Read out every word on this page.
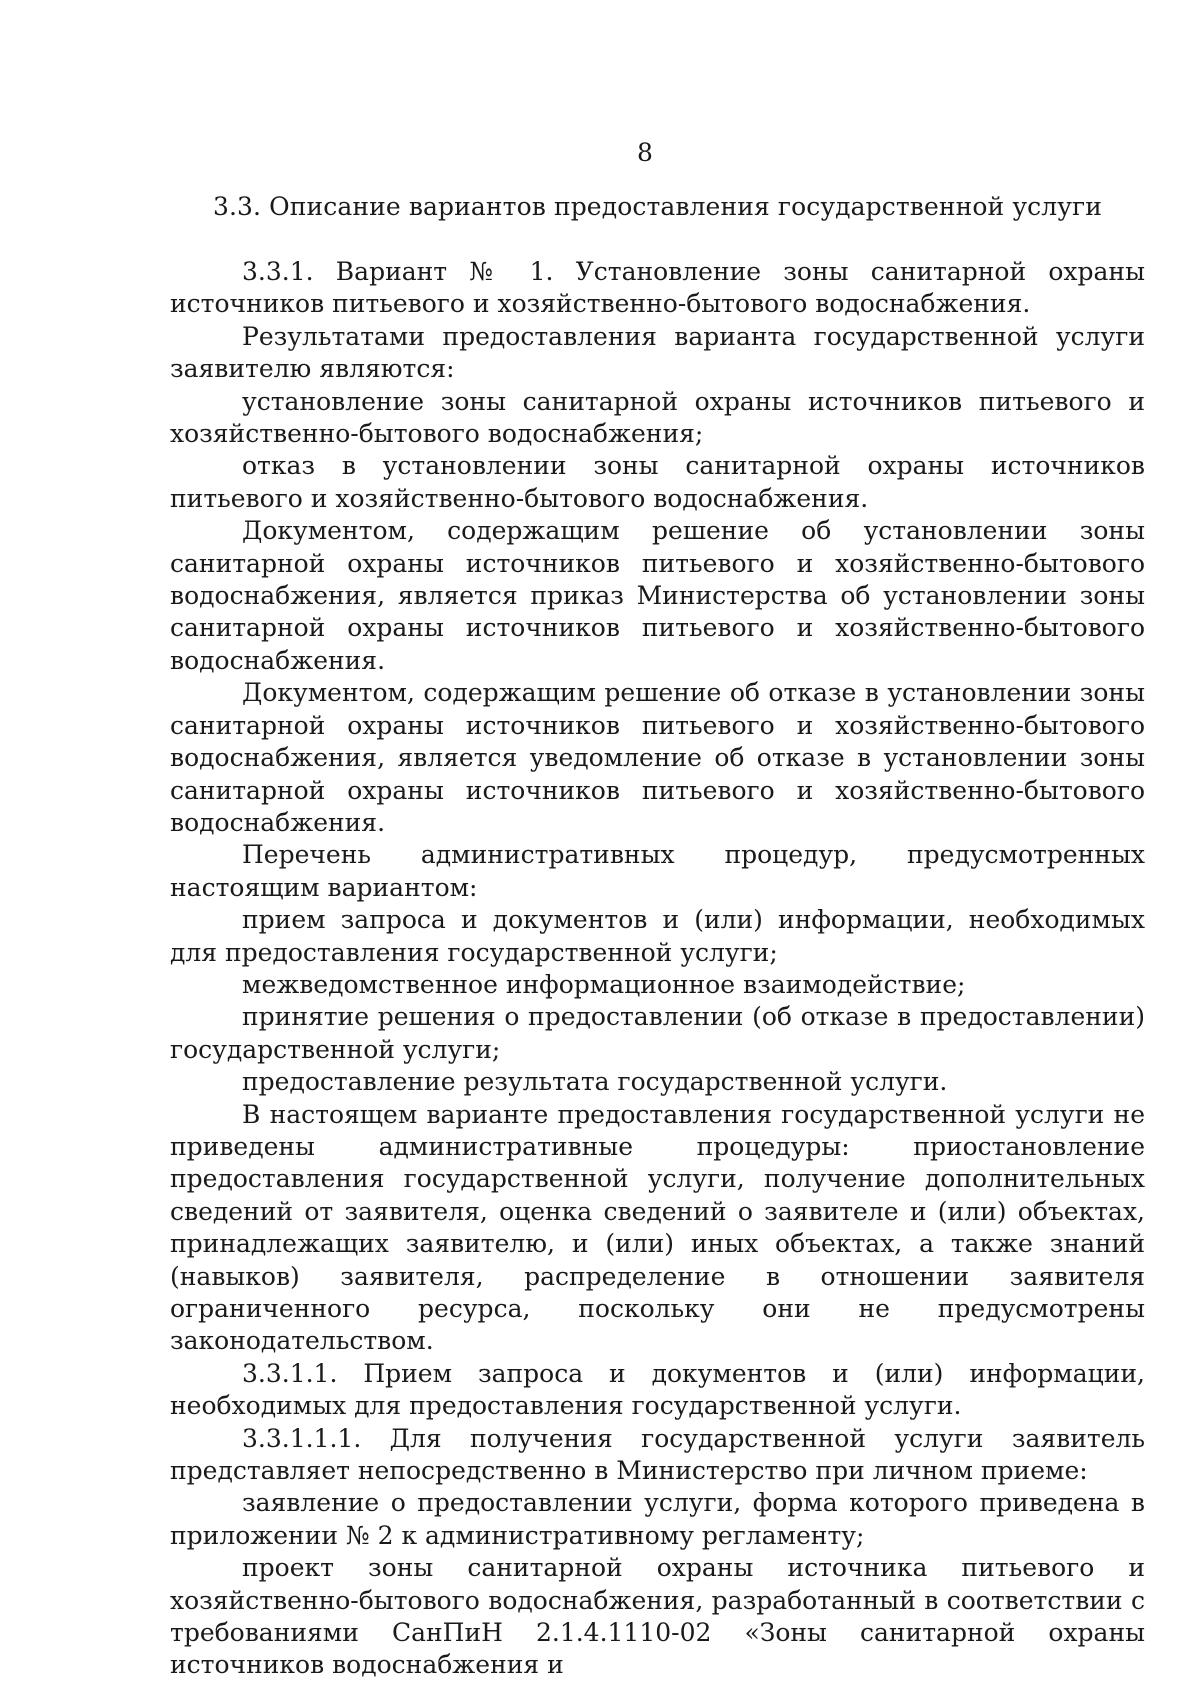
8
3.3. Описание вариантов предоставления государственной услуги

3.3.1. Вариант № 1. Установление зоны санитарной охраны источников питьевого и хозяйственно-бытового водоснабжения.

Результатами предоставления варианта государственной услуги заявителю являются:

установление зоны санитарной охраны источников питьевого и хозяйственно-бытового водоснабжения;

отказ в установлении зоны санитарной охраны источников питьевого и хозяйственно-бытового водоснабжения.

Документом, содержащим решение об установлении зоны санитарной охраны источников питьевого и хозяйственно-бытового водоснабжения, является приказ Министерства об установлении зоны санитарной охраны источников питьевого и хозяйственно-бытового водоснабжения.

Документом, содержащим решение об отказе в установлении зоны санитарной охраны источников питьевого и хозяйственно-бытового водоснабжения, является уведомление об отказе в установлении зоны санитарной охраны источников питьевого и хозяйственно-бытового водоснабжения.

Перечень административных процедур, предусмотренных настоящим вариантом:

прием запроса и документов и (или) информации, необходимых для предоставления государственной услуги;

межведомственное информационное взаимодействие;

принятие решения о предоставлении (об отказе в предоставлении) государственной услуги;

предоставление результата государственной услуги.

В настоящем варианте предоставления государственной услуги не приведены административные процедуры: приостановление предоставления государственной услуги, получение дополнительных сведений от заявителя, оценка сведений о заявителе и (или) объектах, принадлежащих заявителю, и (или) иных объектах, а также знаний (навыков) заявителя, распределение в отношении заявителя ограниченного ресурса, поскольку они не предусмотрены законодательством.

3.3.1.1. Прием запроса и документов и (или) информации, необходимых для предоставления государственной услуги.

3.3.1.1.1. Для получения государственной услуги заявитель представляет непосредственно в Министерство при личном приеме:

заявление о предоставлении услуги, форма которого приведена в приложении № 2 к административному регламенту;

проект зоны санитарной охраны источника питьевого и хозяйственно-бытового водоснабжения, разработанный в соответствии с требованиями СанПиН 2.1.4.1110-02 «Зоны санитарной охраны источников водоснабжения и
